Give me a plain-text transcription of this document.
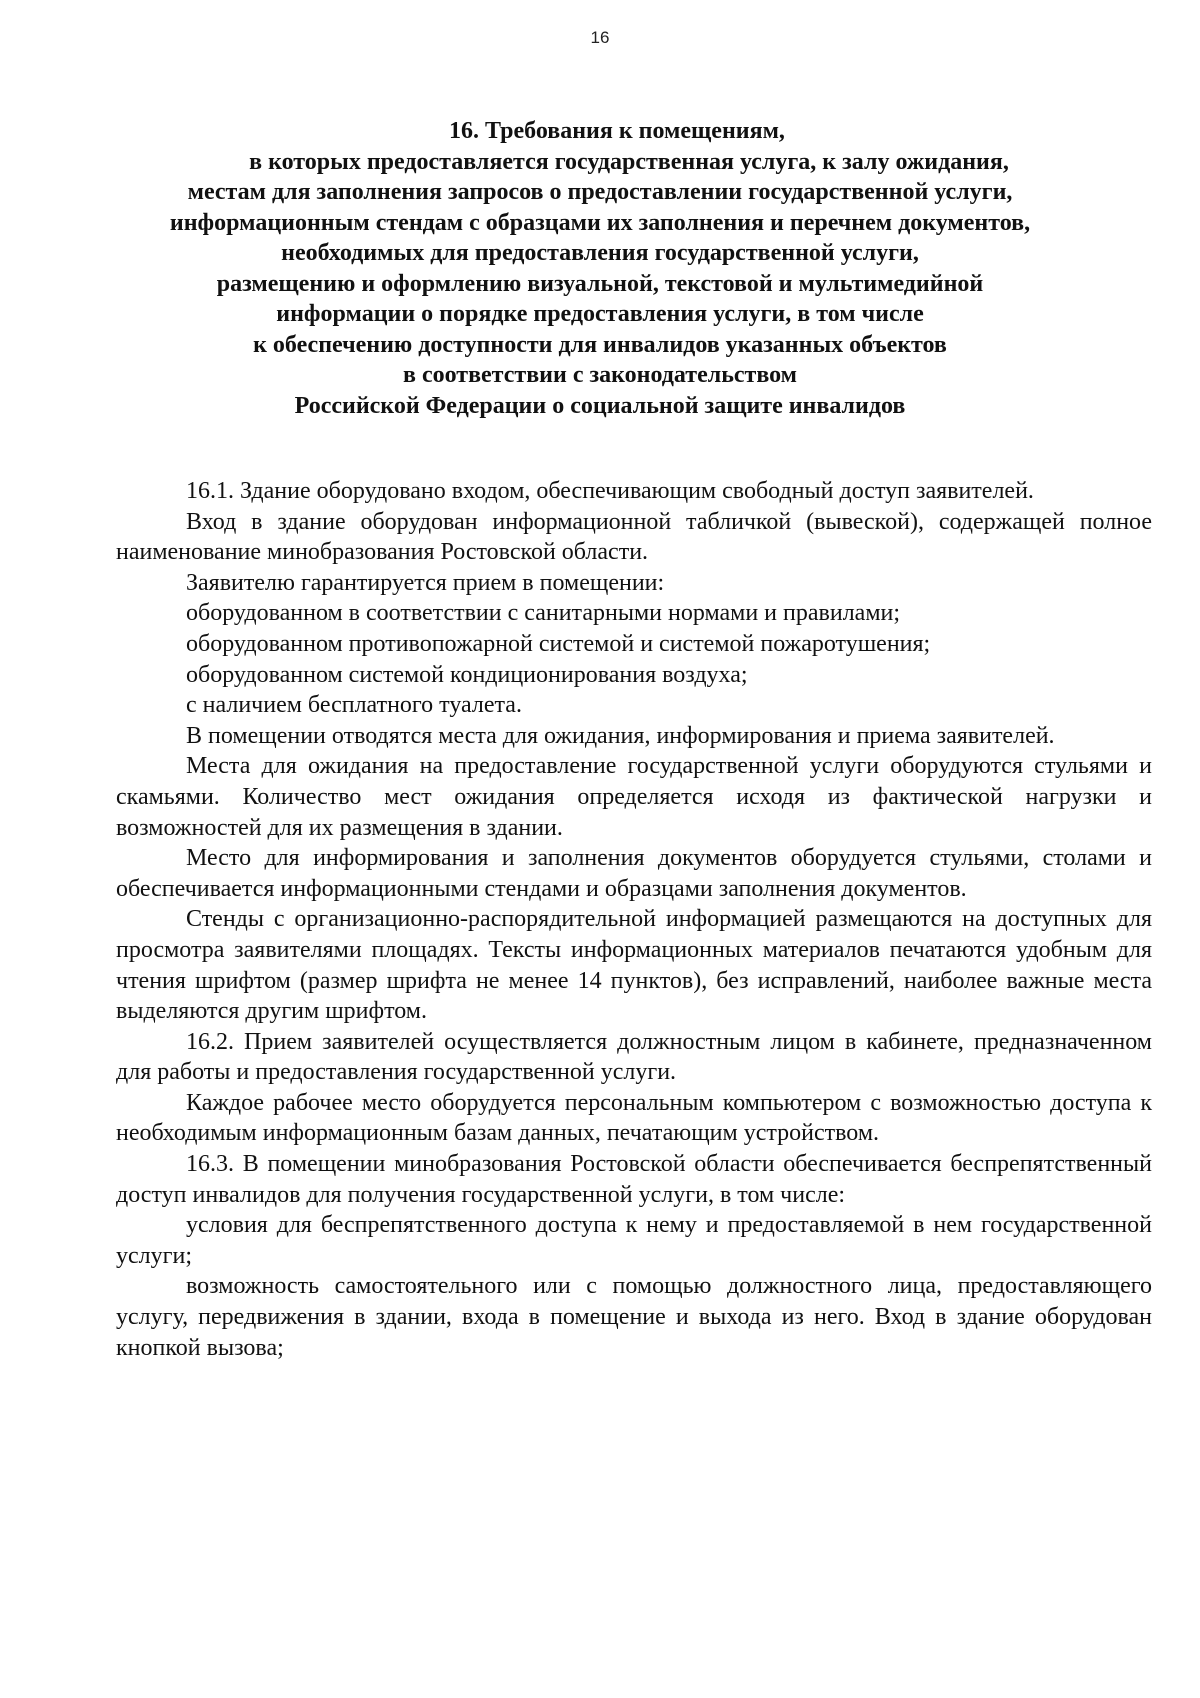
16
16. Требования к помещениям,
в которых предоставляется государственная услуга, к залу ожидания,
местам для заполнения запросов о предоставлении государственной услуги,
информационным стендам с образцами их заполнения и перечнем документов,
необходимых для предоставления государственной услуги,
размещению и оформлению визуальной, текстовой и мультимедийной
информации о порядке предоставления услуги, в том числе
к обеспечению доступности для инвалидов указанных объектов
в соответствии с законодательством
Российской Федерации о социальной защите инвалидов

16.1. Здание оборудовано входом, обеспечивающим свободный доступ заявителей.

Вход в здание оборудован информационной табличкой (вывеской), содержащей полное наименование минобразования Ростовской области.

Заявителю гарантируется прием в помещении:

оборудованном в соответствии с санитарными нормами и правилами;

оборудованном противопожарной системой и системой пожаротушения;

оборудованном системой кондиционирования воздуха;

с наличием бесплатного туалета.

В помещении отводятся места для ожидания, информирования и приема заявителей.

Места для ожидания на предоставление государственной услуги оборудуются стульями и скамьями. Количество мест ожидания определяется исходя из фактической нагрузки и возможностей для их размещения в здании.

Место для информирования и заполнения документов оборудуется стульями, столами и обеспечивается информационными стендами и образцами заполнения документов.

Стенды с организационно-распорядительной информацией размещаются на доступных для просмотра заявителями площадях. Тексты информационных материалов печатаются удобным для чтения шрифтом (размер шрифта не менее 14 пунктов), без исправлений, наиболее важные места выделяются другим шрифтом.

16.2. Прием заявителей осуществляется должностным лицом в кабинете, предназначенном для работы и предоставления государственной услуги.

Каждое рабочее место оборудуется персональным компьютером с возможностью доступа к необходимым информационным базам данных, печатающим устройством.

16.3. В помещении минобразования Ростовской области обеспечивается беспрепятственный доступ инвалидов для получения государственной услуги, в том числе:

условия для беспрепятственного доступа к нему и предоставляемой в нем государственной услуги;

возможность самостоятельного или с помощью должностного лица, предоставляющего услугу, передвижения в здании, входа в помещение и выхода из него. Вход в здание оборудован кнопкой вызова;
